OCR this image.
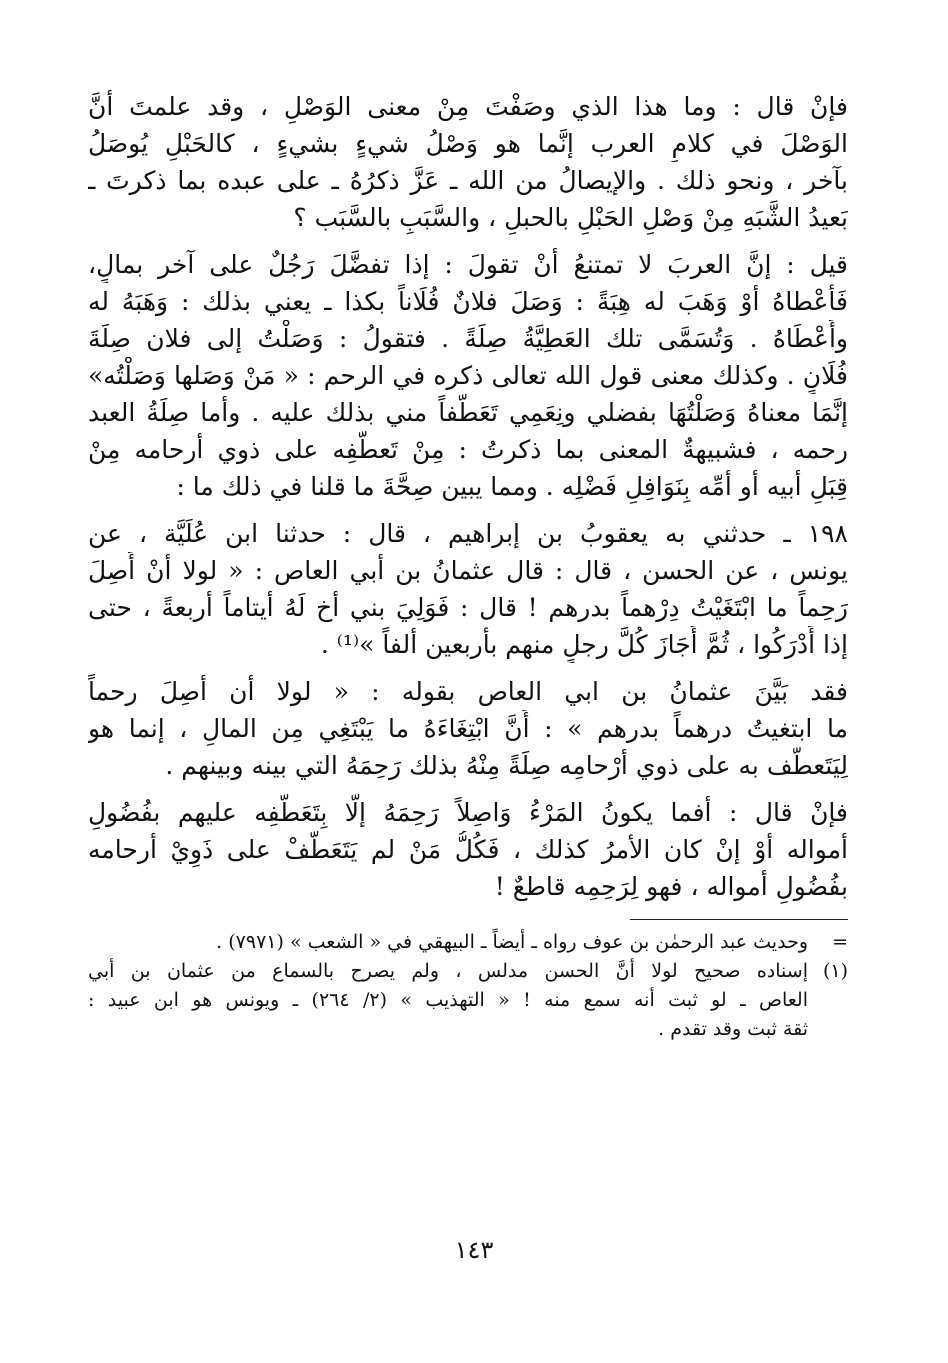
فإنْ قال : وما هذا الذي وصَفْتَ مِنْ معنى الوَصْلِ ، وقد علمتَ أنَّ
الوَصْلَ في كلامِ العرب إنَّما هو وَصْلُ شيءٍ بشيءٍ ، كالحَبْلِ يُوصَلُ
بآخر ، ونحو ذلك . والإيصالُ من الله ـ عَزَّ ذكرُهُ ـ على عبده بما ذكرتَ ـ
بَعيدُ الشَّبَهِ مِنْ وَصْلِ الحَبْلِ بالحبلِ ، والسَّبَبِ بالسَّبَب ؟
قيل : إنَّ العربَ لا تمتنعُ أنْ تقولَ : إذا تفضَّلَ رَجُلٌ على آخر بمالٍ،
فَأَعْطاهُ أوْ وَهَبَ له هِبَةً : وَصَلَ فلانٌ فُلَاناً بكذا ـ يعني بذلك : وَهَبَهُ له
وأَعْطَاهُ . وَتُسَمَّى تلك العَطِيَّةُ صِلَةً . فتقولُ : وَصَلْتُ إلى فلان صِلَةَ
فُلَانٍ . وكذلك معنى قول الله تعالى ذكره في الرحم : « مَنْ وَصَلها وَصَلْتُه»
إنَّمَا معناهُ وَصَلْتُهَا بفضلي ونِعَمِي تَعَطُّفاً مني بذلك عليه . وأما صِلَةُ العبد
رحمه ، فشبيهةٌ المعنى بما ذكرتُ : مِنْ تَعطُّفِه على ذوي أرحامه مِنْ
قِبَلِ أبيه أو أمِّه بِنَوَافِلِ فَضْلِه . ومما يبين صِحَّةَ ما قلنا في ذلك ما :
١٩٨ ـ حدثني به يعقوبُ بن إبراهيم ، قال : حدثنا ابن عُلَيَّة ، عن
يونس ، عن الحسن ، قال : قال عثمانُ بن أبي العاص : « لولا أنْ أَصِلَ
رَحِماً ما ابْتَغَيْتُ دِرْهماً بدرهم ! قال : فَوَلِيَ بني أخ لَهُ أيتاماً أربعةً ، حتى
إذا أَدْرَكُوا ، ثُمَّ أَجَازَ كُلَّ رجلٍ منهم بأربعين ألفاً »⁽¹⁾ .
فقد بَيَّنَ عثمانُ بن ابي العاص بقوله : « لولا أن أصِلَ رحماً
ما ابتغيتُ درهماً بدرهم » : أَنَّ ابْتِغَاءَهُ ما يَبْتَغِي مِن المالِ ، إنما هو
لِيَتَعطَّف به على ذوي أرْحامِه صِلَةً مِنْهُ بذلك رَحِمَهُ التي بينه وبينهم .
فإنْ قال : أفما يكونُ المَرْءُ وَاصِلاً رَحِمَهُ إلَّا بِتَعَطُّفِه عليهم بفُضُولِ
أمواله أوْ إنْ كان الأمرُ كذلك ، فَكُلُّ مَنْ لم يَتَعَطَّفْ على ذَوِيْ أرحامه
بفُضُولِ أمواله ، فهو لِرَحِمِه قاطعٌ !
=
وحديث عبد الرحمٰن بن عوف رواه ـ أيضاً ـ البيهقي في « الشعب » (٧٩٧١) .
(١)
إسناده صحيح لولا أنَّ الحسن مدلس ، ولم يصرح بالسماع من عثمان بن أبي
العاص ـ لو ثبت أنه سمع منه ! « التهذيب » (٢/ ٢٦٤) ـ ويونس هو ابن عبيد :
ثقة ثبت وقد تقدم .
١٤٣
